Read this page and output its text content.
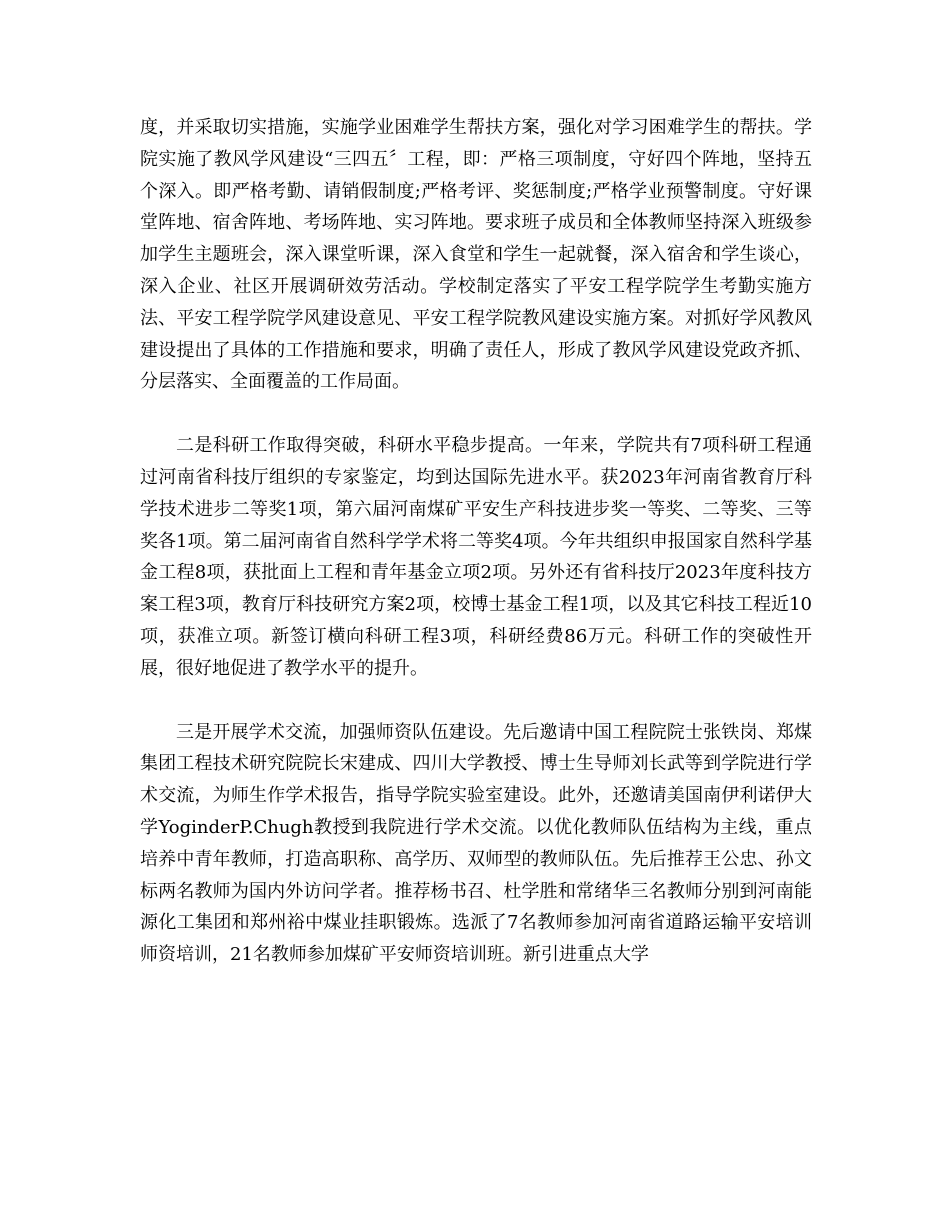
度，并采取切实措施，实施学业困难学生帮扶方案，强化对学习困难学生的帮扶。学院实施了教风学风建设“三四五〞工程，即：严格三项制度，守好四个阵地，坚持五个深入。即严格考勤、请销假制度;严格考评、奖惩制度;严格学业预警制度。守好课堂阵地、宿舍阵地、考场阵地、实习阵地。要求班子成员和全体教师坚持深入班级参加学生主题班会，深入课堂听课，深入食堂和学生一起就餐，深入宿舍和学生谈心，深入企业、社区开展调研效劳活动。学校制定落实了平安工程学院学生考勤实施方法、平安工程学院学风建设意见、平安工程学院教风建设实施方案。对抓好学风教风建设提出了具体的工作措施和要求，明确了责任人，形成了教风学风建设党政齐抓、分层落实、全面覆盖的工作局面。

二是科研工作取得突破，科研水平稳步提高。一年来，学院共有7项科研工程通过河南省科技厅组织的专家鉴定，均到达国际先进水平。获2023年河南省教育厅科学技术进步二等奖1项，第六届河南煤矿平安生产科技进步奖一等奖、二等奖、三等奖各1项。第二届河南省自然科学学术将二等奖4项。今年共组织申报国家自然科学基金工程8项，获批面上工程和青年基金立项2项。另外还有省科技厅2023年度科技方案工程3项，教育厅科技研究方案2项，校博士基金工程1项，以及其它科技工程近10项，获准立项。新签订横向科研工程3项，科研经费86万元。科研工作的突破性开展，很好地促进了教学水平的提升。

三是开展学术交流，加强师资队伍建设。先后邀请中国工程院院士张铁岗、郑煤集团工程技术研究院院长宋建成、四川大学教授、博士生导师刘长武等到学院进行学术交流，为师生作学术报告，指导学院实验室建设。此外，还邀请美国南伊利诺伊大学YoginderP.Chugh教授到我院进行学术交流。以优化教师队伍结构为主线，重点培养中青年教师，打造高职称、高学历、双师型的教师队伍。先后推荐王公忠、孙文标两名教师为国内外访问学者。推荐杨书召、杜学胜和常绪华三名教师分别到河南能源化工集团和郑州裕中煤业挂职锻炼。选派了7名教师参加河南省道路运输平安培训师资培训，21名教师参加煤矿平安师资培训班。新引进重点大学
